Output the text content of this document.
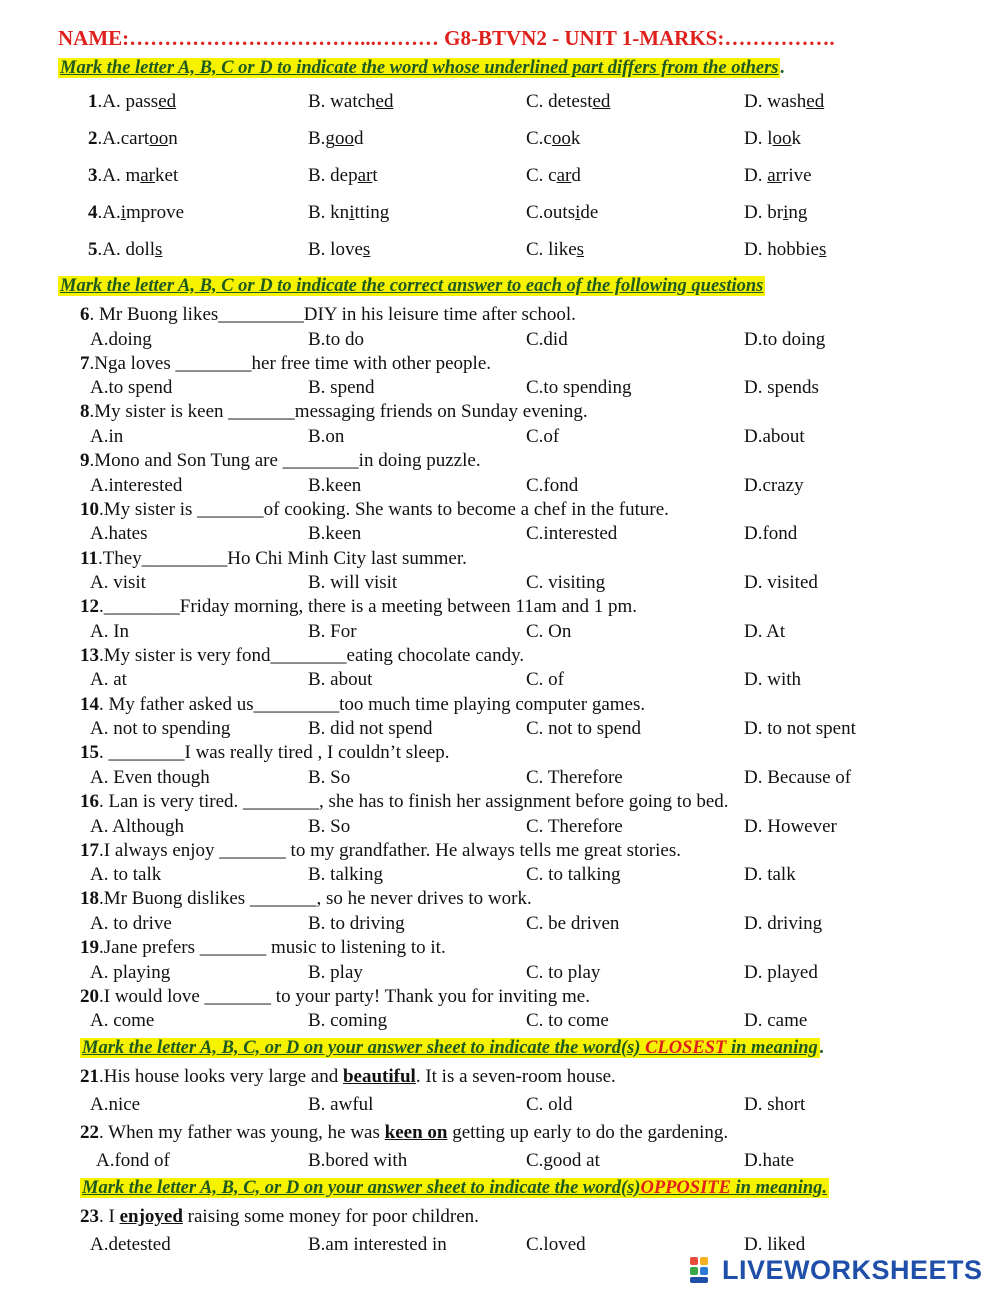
NAME:……………………………...……… G8-BTVN2 - UNIT 1-MARKS:…………….
Mark the letter A, B, C or D to indicate the word whose underlined part differs from the others .
1.A. passed	B. watched	C. detested	D. washed
2.A.cartoon	B.good	C.cook	D. look
3.A. market	B. depart	C. card	D. arrive
4.A.improve	B. knitting	C.outside	D. bring
5.A. dolls	B. loves	C. likes	D. hobbies
Mark the letter A, B, C or D to indicate the correct answer to each of the following questions
6. Mr Buong likes_________DIY in his leisure time after school.
A.doing	B.to do	C.did	D.to doing
7.Nga loves ________her free time with other people.
A.to spend	B. spend	C.to spending	D. spends
8.My sister is keen _______messaging friends on Sunday evening.
A.in	B.on	C.of	D.about
9.Mono and Son Tung are ________in doing puzzle.
A.interested	B.keen	C.fond	D.crazy
10.My sister is _______of cooking. She wants to become a chef in the future.
A.hates	B.keen	C.interested	D.fond
11.They_________Ho Chi Minh City last summer.
A. visit	B. will visit	C. visiting	D. visited
12.________Friday morning, there is a meeting between 11am and 1 pm.
A. In	B. For	C. On	D. At
13.My sister is very fond________eating chocolate candy.
A. at	B. about	C. of	D. with
14. My father asked us_________too much time playing computer games.
A. not to spending	B. did not spend	C. not to spend	D. to not spent
15. ________I was really tired , I couldn’t sleep.
A. Even though	B. So	C. Therefore	D. Because of
16. Lan is very tired. ________, she has to finish her assignment before going to bed.
A. Although	B. So	C. Therefore	D. However
17.I always enjoy _______ to my grandfather. He always tells me great stories.
A. to talk	B. talking	C. to talking	D. talk
18.Mr Buong dislikes _______, so he never drives to work.
A. to drive	B. to driving	C. be driven	D. driving
19.Jane prefers _______ music to listening to it.
A. playing	B. play	C. to play	D. played
20.I would love _______ to your party! Thank you for inviting me.
A. come	B. coming	C. to come	D. came
Mark the letter A, B, C, or D on your answer sheet to indicate the word(s) CLOSEST in meaning .
21.His house looks very large and beautiful. It is a seven-room house.
A.nice	B. awful	C. old	D. short
22. When my father was young, he was keen on getting up early to do the gardening.
A.fond of	B.bored with	C.good at	D.hate
Mark the letter A, B, C, or D on your answer sheet to indicate the word(s)OPPOSITE in meaning.
23. I enjoyed raising some money for poor children.
A.detested	B.am interested in	C.loved	D. liked
LIVEWORKSHEETS
